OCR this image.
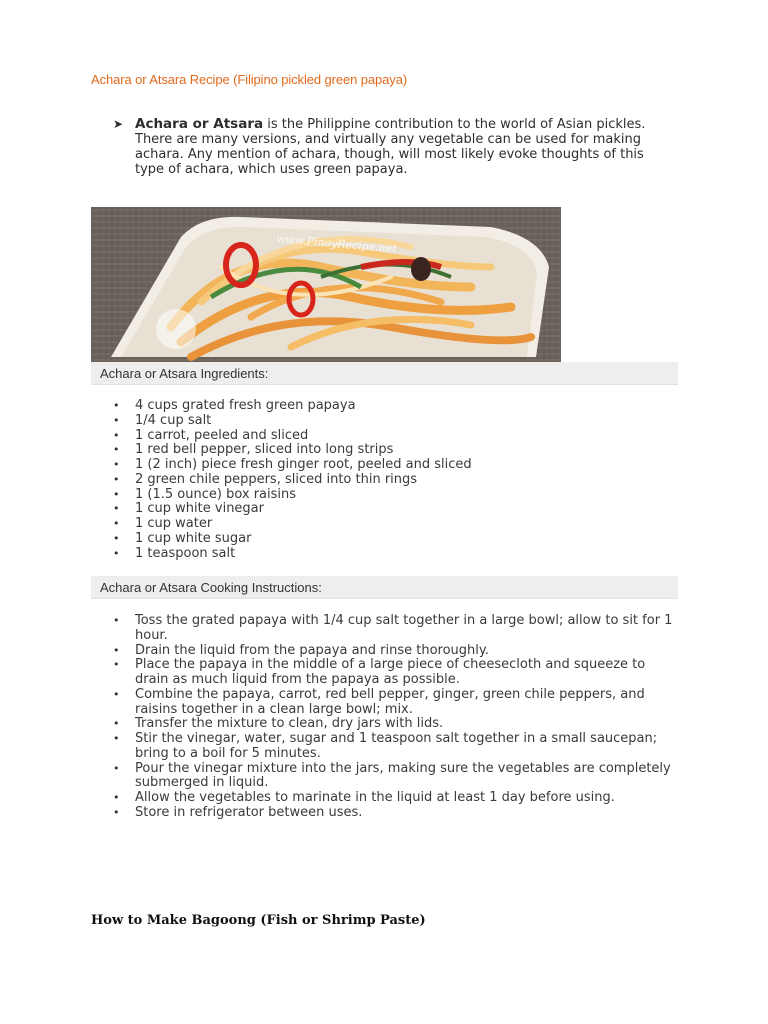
Achara or Atsara Recipe (Filipino pickled green papaya)
➤ Achara or Atsara is the Philippine contribution to the world of Asian pickles. There are many versions, and virtually any vegetable can be used for making achara. Any mention of achara, though, will most likely evoke thoughts of this type of achara, which uses green papaya.
www.PinoyRecipe.net
Achara or Atsara Ingredients:
• 4 cups grated fresh green papaya
• 1/4 cup salt
• 1 carrot, peeled and sliced
• 1 red bell pepper, sliced into long strips
• 1 (2 inch) piece fresh ginger root, peeled and sliced
• 2 green chile peppers, sliced into thin rings
• 1 (1.5 ounce) box raisins
• 1 cup white vinegar
• 1 cup water
• 1 cup white sugar
• 1 teaspoon salt
Achara or Atsara Cooking Instructions:
• Toss the grated papaya with 1/4 cup salt together in a large bowl; allow to sit for 1 hour.
• Drain the liquid from the papaya and rinse thoroughly.
• Place the papaya in the middle of a large piece of cheesecloth and squeeze to drain as much liquid from the papaya as possible.
• Combine the papaya, carrot, red bell pepper, ginger, green chile peppers, and raisins together in a clean large bowl; mix.
• Transfer the mixture to clean, dry jars with lids.
• Stir the vinegar, water, sugar and 1 teaspoon salt together in a small saucepan; bring to a boil for 5 minutes.
• Pour the vinegar mixture into the jars, making sure the vegetables are completely submerged in liquid.
• Allow the vegetables to marinate in the liquid at least 1 day before using.
• Store in refrigerator between uses.
How to Make Bagoong (Fish or Shrimp Paste)
